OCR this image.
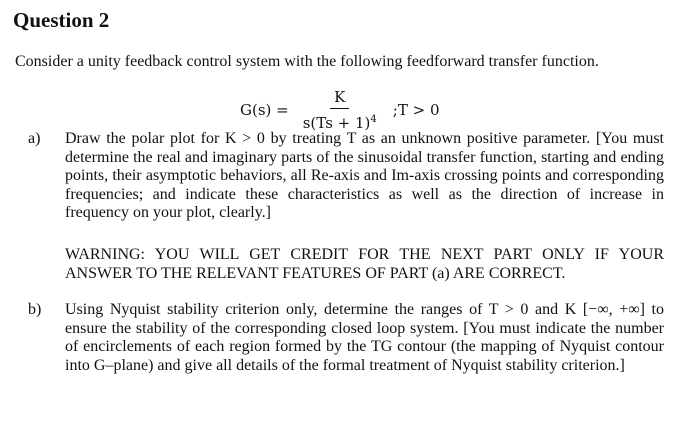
Question 2

Consider a unity feedback control system with the following feedforward transfer function.

$G(s) = \frac{K}{s(Ts + 1)^4}$ ;T > 0
a) Draw the polar plot for K > 0 by treating T as an unknown positive parameter. [You must determine the real and imaginary parts of the sinusoidal transfer function, starting and ending points, their asymptotic behaviors, all Re-axis and Im-axis crossing points and corresponding frequencies; and indicate these characteristics as well as the direction of increase in frequency on your plot, clearly.]
WARNING: YOU WILL GET CREDIT FOR THE NEXT PART ONLY IF YOUR ANSWER TO THE RELEVANT FEATURES OF PART (a) ARE CORRECT.
b) Using Nyquist stability criterion only, determine the ranges of T > 0 and K [−∞, +∞] to ensure the stability of the corresponding closed loop system. [You must indicate the number of encirclements of each region formed by the TG contour (the mapping of Nyquist contour into G–plane) and give all details of the formal treatment of Nyquist stability criterion.]
